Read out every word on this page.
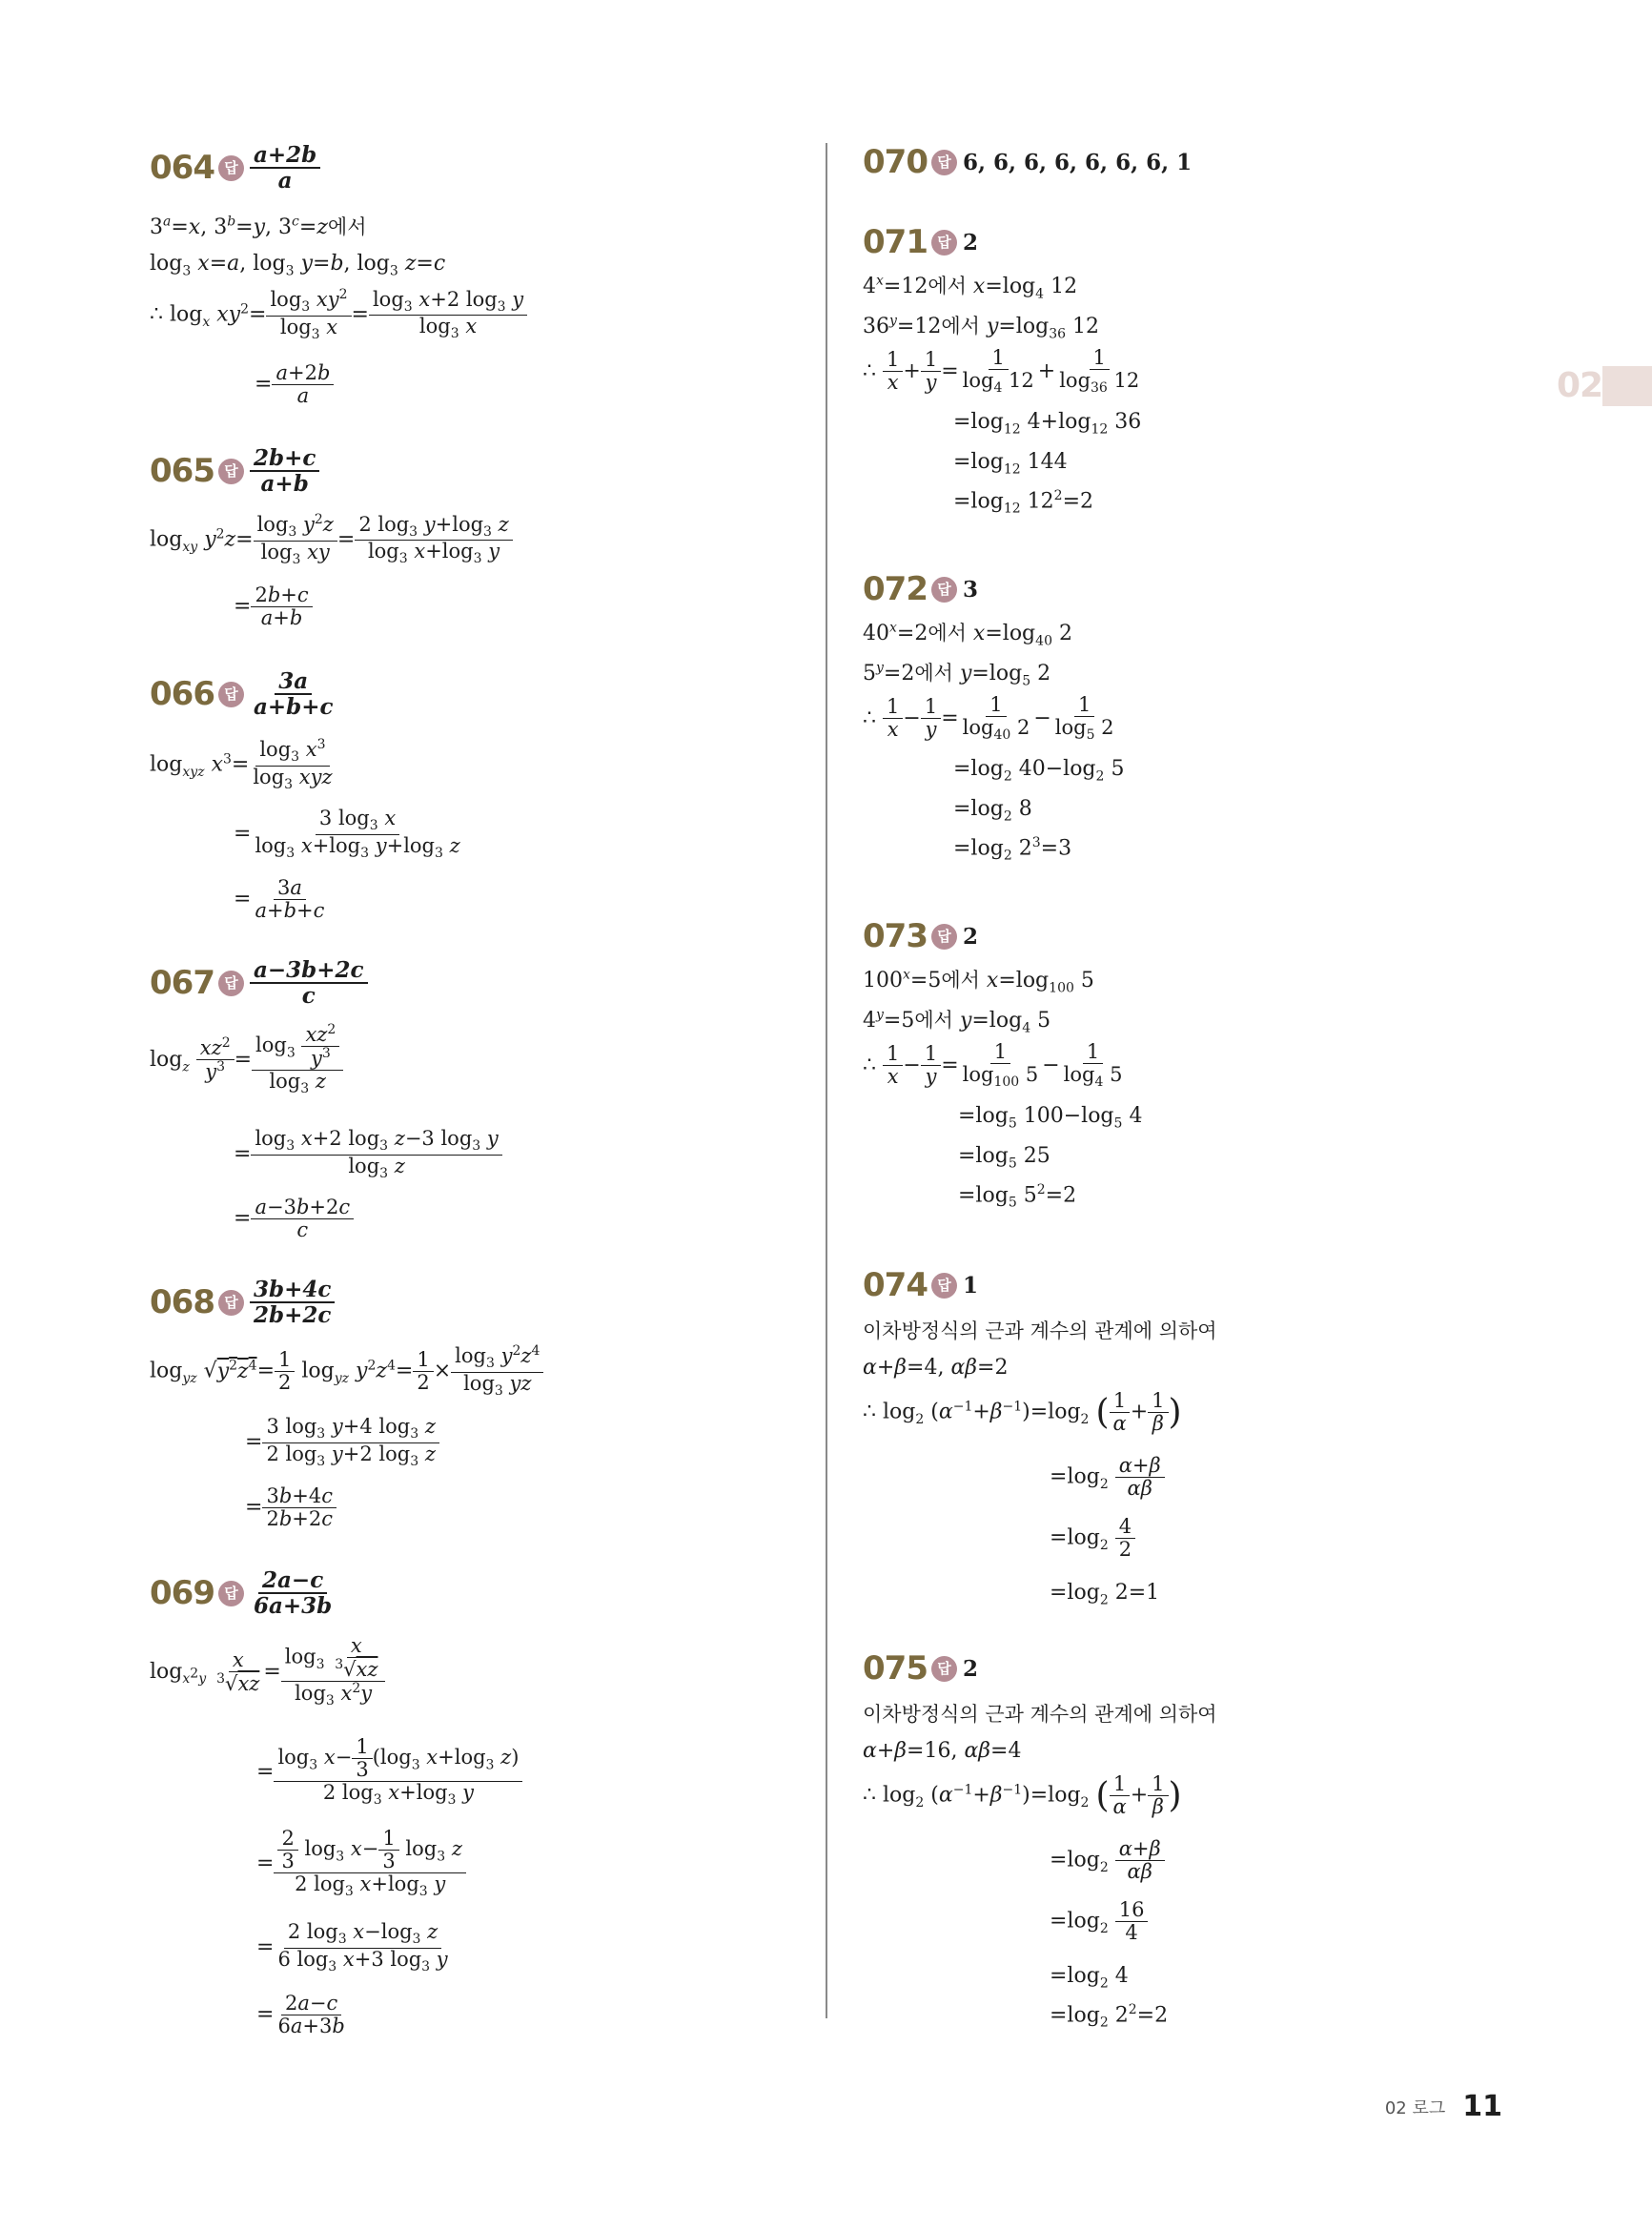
02
064 답 $\frac{a+2b}{a}$
$3^a=x$, $3^b=y$, $3^c=z$에서
$\log_3 x=a$, $\log_3 y=b$, $\log_3 z=c$
∴ $\log_x xy^2= \frac{\log_3 xy^2}{\log_3 x} = \frac{\log_3 x+2 \log_3 y}{\log_3 x}$
= $\frac{a+2b}{a}$
065 답 $\frac{2b+c}{a+b}$
$\log_{xy} y^2z= \frac{\log_3 y^2z}{\log_3 xy} = \frac{2 \log_3 y+\log_3 z}{\log_3 x+\log_3 y}$
= $\frac{2b+c}{a+b}$
066 답 $\frac{3a}{a+b+c}$
$\log_{xyz} x^3= \frac{\log_3 x^3}{\log_3 xyz}$
= $\frac{3 \log_3 x}{\log_3 x+\log_3 y+\log_3 z}$
= $\frac{3a}{a+b+c}$
067 답 $\frac{a-3b+2c}{c}$
$\log_z \frac{xz^2}{y^3} = \frac{\log_3 \frac{xz^2}{y^3}}{\log_3 z}$
= $\frac{\log_3 x+2 \log_3 z-3 \log_3 y}{\log_3 z}$
= $\frac{a-3b+2c}{c}$
068 답 $\frac{3b+4c}{2b+2c}$
$\log_{yz} √y^2z^4= \frac{1}{2} \log_{yz} y^2z^4= \frac{1}{2} \times \frac{\log_3 y^2z^4}{\log_3 yz}$
= $\frac{3 \log_3 y+4 \log_3 z}{2 \log_3 y+2 \log_3 z}$
= $\frac{3b+4c}{2b+2c}$
069 답 $\frac{2a-c}{6a+3b}$
$\log_{x^2y} \frac{x}{^3√xz} = \frac{\log_3 \frac{x}{^3√xz}}{\log_3 x^2y}$
= $\frac{\log_3 x- \frac{1}{3} (\log_3 x+\log_3 z)}{2 \log_3 x+\log_3 y}$
= $\frac{\frac{2}{3} \log_3 x- \frac{1}{3} \log_3 z}{2 \log_3 x+\log_3 y}$
= $\frac{2 \log_3 x-\log_3 z}{6 \log_3 x+3 \log_3 y}$
= $\frac{2a-c}{6a+3b}$
070 답 6, 6, 6, 6, 6, 6, 6, 1
071 답 2
$4^x=12$에서 $x=\log_4$ 12
$36^y=12$에서 $y=\log_{36}$ 12
∴ $\frac{1}{x} + \frac{1}{y} = \frac{1}{\log_4 12} + \frac{1}{\log_{36} 12}$
$=\log_{12}$ $4+\log_{12}$ 36
$=\log_{12}$ 144
$=\log_{12}$ $12^2=2$
072 답 3
$40^x=2$에서 $x=\log_{40}$ 2
$5^y=2$에서 $y=\log_5$ 2
∴ $\frac{1}{x} - \frac{1}{y} = \frac{1}{\log_{40} 2} - \frac{1}{\log_5 2}$
$=\log_2$ $40-\log_2$ 5
$=\log_2$ 8
$=\log_2$ $2^3=3$
073 답 2
$100^x=5$에서 $x=\log_{100}$ 5
$4^y=5$에서 $y=\log_4$ 5
∴ $\frac{1}{x} - \frac{1}{y} = \frac{1}{\log_{100} 5} - \frac{1}{\log_4 5}$
$=\log_5$ $100-\log_5$ 4
$=\log_5$ 25
$=\log_5$ $5^2=2$
074 답 1
이차방정식의 근과 계수의 관계에 의하여
α+β=4, αβ=2
∴ $\log_2 (\alpha^{-1}+\beta^{-1})=\log_2$ ( $\frac{1}{\alpha} + \frac{1}{\beta}$ )
$=\log_2 \frac{\alpha+\beta}{\alpha\beta}$
$=\log_2 \frac{4}{2}$
$=\log_2$ 2=1
075 답 2
이차방정식의 근과 계수의 관계에 의하여
α+β=16, αβ=4
∴ $\log_2 (\alpha^{-1}+\beta^{-1})=\log_2$ ( $\frac{1}{\alpha} + \frac{1}{\beta}$ )
$=\log_2 \frac{\alpha+\beta}{\alpha\beta}$
$=\log_2 \frac{16}{4}$
$=\log_2$ 4
$=\log_2$ $2^2=2$
02 로그 11
